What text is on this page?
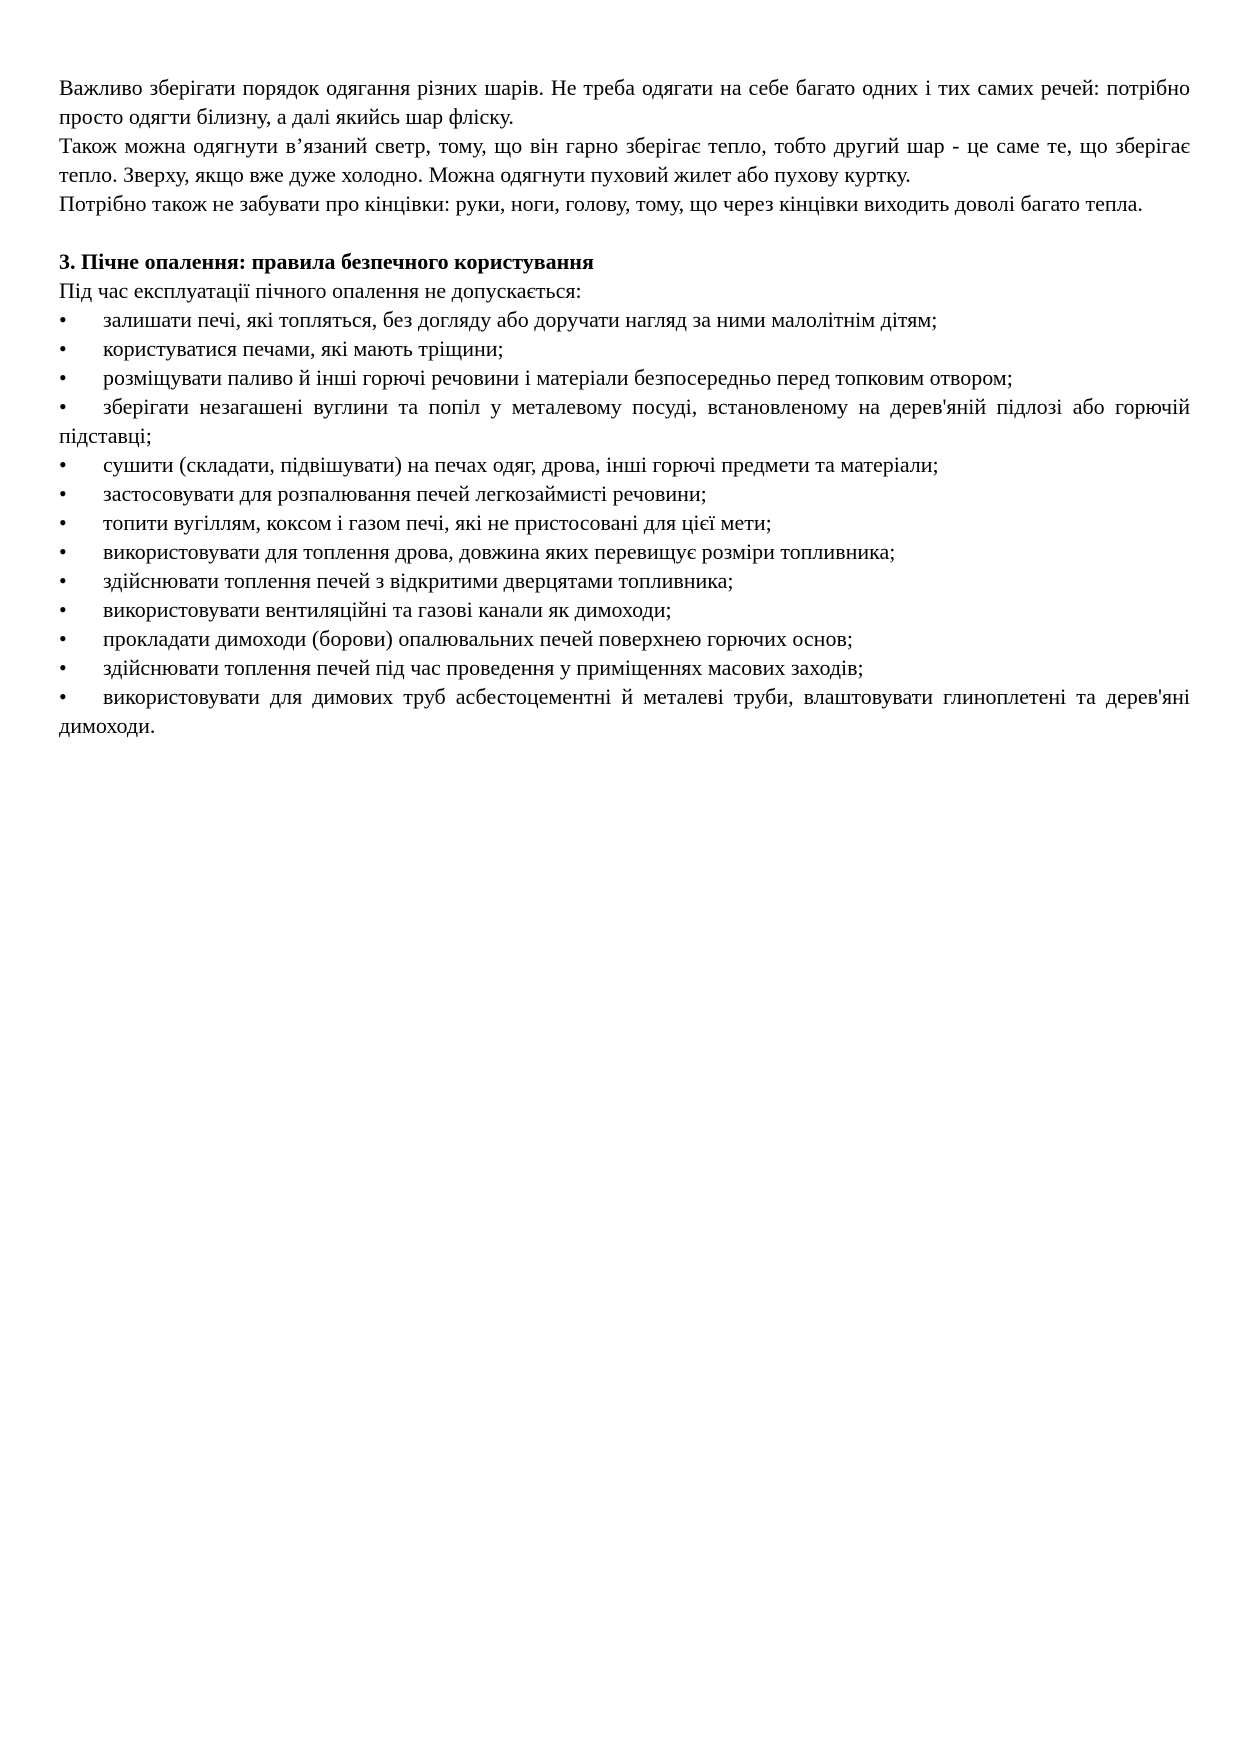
Важливо зберігати порядок одягання різних шарів. Не треба одягати на себе багато одних і тих самих речей: потрібно просто одягти білизну, а далі якийсь шар фліску.

Також можна одягнути в’язаний светр, тому, що він гарно зберігає тепло, тобто другий шар - це саме те, що зберігає тепло. Зверху, якщо вже дуже холодно. Можна одягнути пуховий жилет або пухову куртку.

Потрібно також не забувати про кінцівки: руки, ноги, голову, тому, що через кінцівки виходить доволі багато тепла.

3. Пічне опалення: правила безпечного користування

Під час експлуатації пічного опалення не допускається:

• залишати печі, які топляться, без догляду або доручати нагляд за ними малолітнім дітям;
• користуватися печами, які мають тріщини;
• розміщувати паливо й інші горючі речовини і матеріали безпосередньо перед топковим отвором;
• зберігати незагашені вуглини та попіл у металевому посуді, встановленому на дерев'яній підлозі або горючій підставці;
• сушити (складати, підвішувати) на печах одяг, дрова, інші горючі предмети та матеріали;
• застосовувати для розпалювання печей легкозаймисті речовини;
• топити вугіллям, коксом і газом печі, які не пристосовані для цієї мети;
• використовувати для топлення дрова, довжина яких перевищує розміри топливника;
• здійснювати топлення печей з відкритими дверцятами топливника;
• використовувати вентиляційні та газові канали як димоходи;
• прокладати димоходи (борови) опалювальних печей поверхнею горючих основ;
• здійснювати топлення печей під час проведення у приміщеннях масових заходів;
• використовувати для димових труб асбестоцементні й металеві труби, влаштовувати глиноплетені та дерев'яні димоходи.
